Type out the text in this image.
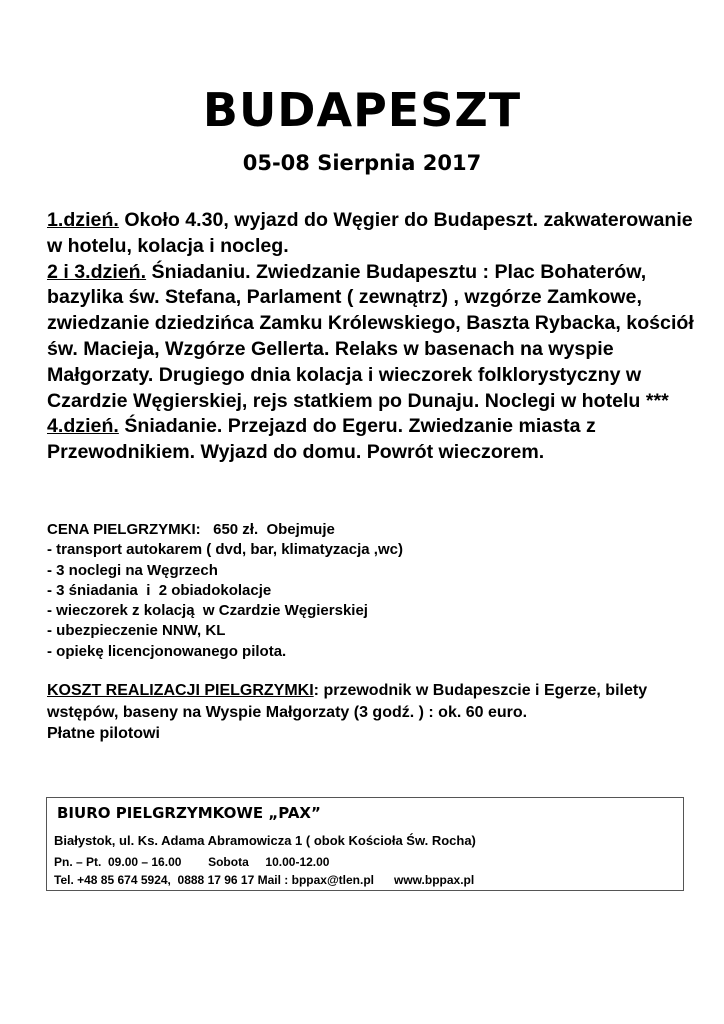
BUDAPESZT
05-08 Sierpnia 2017

1.dzień. Około 4.30, wyjazd do Węgier do Budapeszt. zakwaterowanie w hotelu, kolacja i nocleg.

2 i 3.dzień. Śniadaniu. Zwiedzanie Budapesztu : Plac Bohaterów, bazylika św. Stefana, Parlament ( zewnątrz) , wzgórze Zamkowe, zwiedzanie dziedzińca Zamku Królewskiego, Baszta Rybacka, kościół św. Macieja, Wzgórze Gellerta. Relaks w basenach na wyspie Małgorzaty. Drugiego dnia kolacja i wieczorek folklorystyczny w Czardzie Węgierskiej, rejs statkiem po Dunaju. Noclegi w hotelu ***

4.dzień. Śniadanie. Przejazd do Egeru. Zwiedzanie miasta z Przewodnikiem. Wyjazd do domu. Powrót wieczorem.

CENA PIELGRZYMKI:   650 zł.  Obejmuje
- transport autokarem ( dvd, bar, klimatyzacja ,wc)
- 3 noclegi na Węgrzech
- 3 śniadania  i  2 obiadokolacje
- wieczorek z kolacją  w Czardzie Węgierskiej
- ubezpieczenie NNW, KL
- opiekę licencjonowanego pilota.

KOSZT REALIZACJI PIELGRZYMKI: przewodnik w Budapeszcie i Egerze, bilety wstępów, baseny na Wyspie Małgorzaty (3 godź. ) : ok. 60 euro.

Płatne pilotowi

BIURO PIELGRZYMKOWE „PAX”
Białystok, ul. Ks. Adama Abramowicza 1 ( obok Kościoła Św. Rocha)
Pn. – Pt.  09.00 – 16.00        Sobota     10.00-12.00
Tel. +48 85 674 5924,  0888 17 96 17 Mail : bppax@tlen.pl      www.bppax.pl
